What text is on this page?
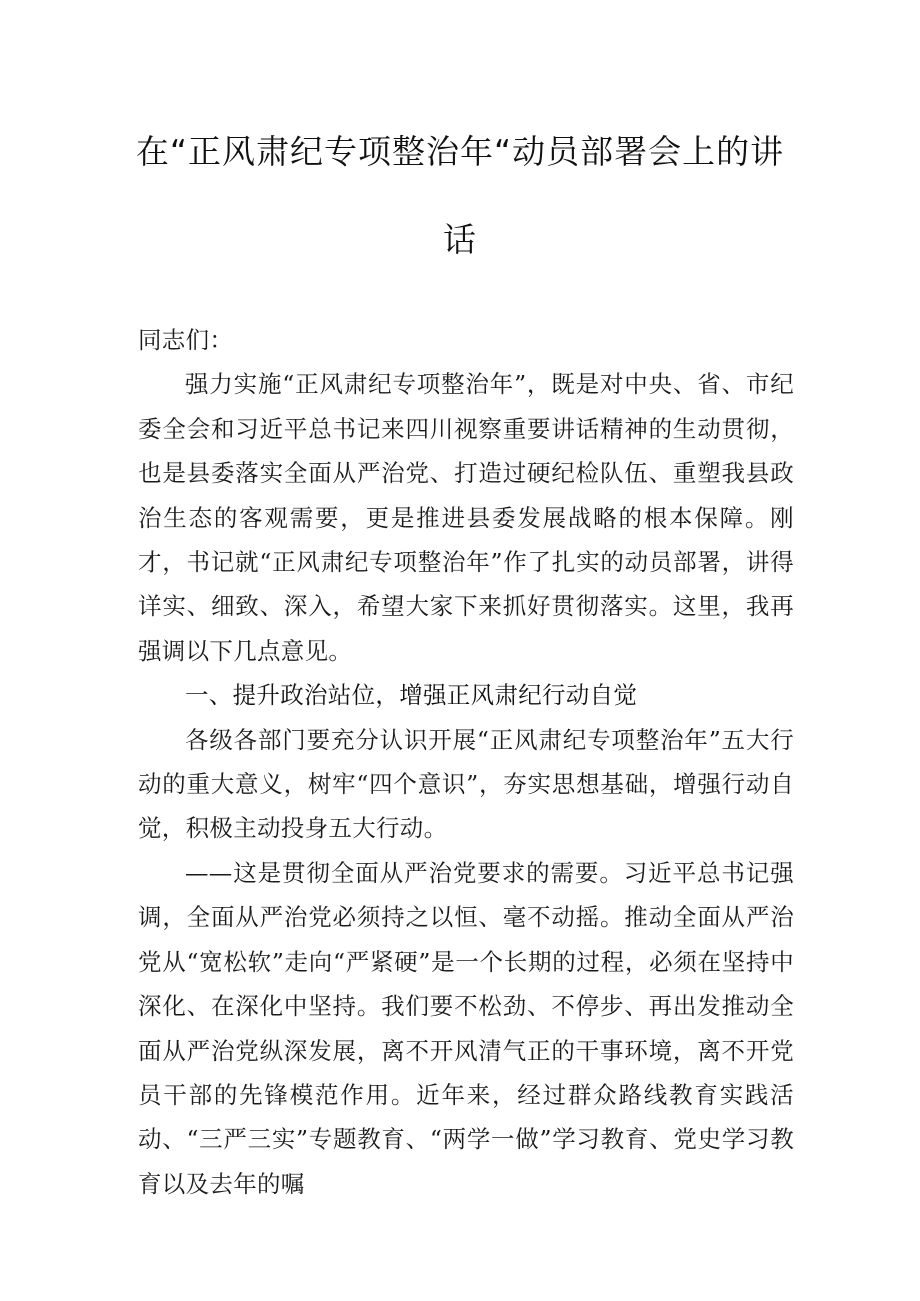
在“正风肃纪专项整治年“动员部署会上的讲
话

同志们：

强力实施“正风肃纪专项整治年”，既是对中央、省、市纪委全会和习近平总书记来四川视察重要讲话精神的生动贯彻，也是县委落实全面从严治党、打造过硬纪检队伍、重塑我县政治生态的客观需要，更是推进县委发展战略的根本保障。刚才，书记就“正风肃纪专项整治年”作了扎实的动员部署，讲得详实、细致、深入，希望大家下来抓好贯彻落实。这里，我再强调以下几点意见。

一、提升政治站位，增强正风肃纪行动自觉

各级各部门要充分认识开展“正风肃纪专项整治年”五大行动的重大意义，树牢“四个意识”，夯实思想基础，增强行动自觉，积极主动投身五大行动。

——这是贯彻全面从严治党要求的需要。习近平总书记强调，全面从严治党必须持之以恒、毫不动摇。推动全面从严治党从“宽松软”走向“严紧硬”是一个长期的过程，必须在坚持中深化、在深化中坚持。我们要不松劲、不停步、再出发推动全面从严治党纵深发展，离不开风清气正的干事环境，离不开党员干部的先锋模范作用。近年来，经过群众路线教育实践活动、“三严三实”专题教育、“两学一做”学习教育、党史学习教育以及去年的嘱
